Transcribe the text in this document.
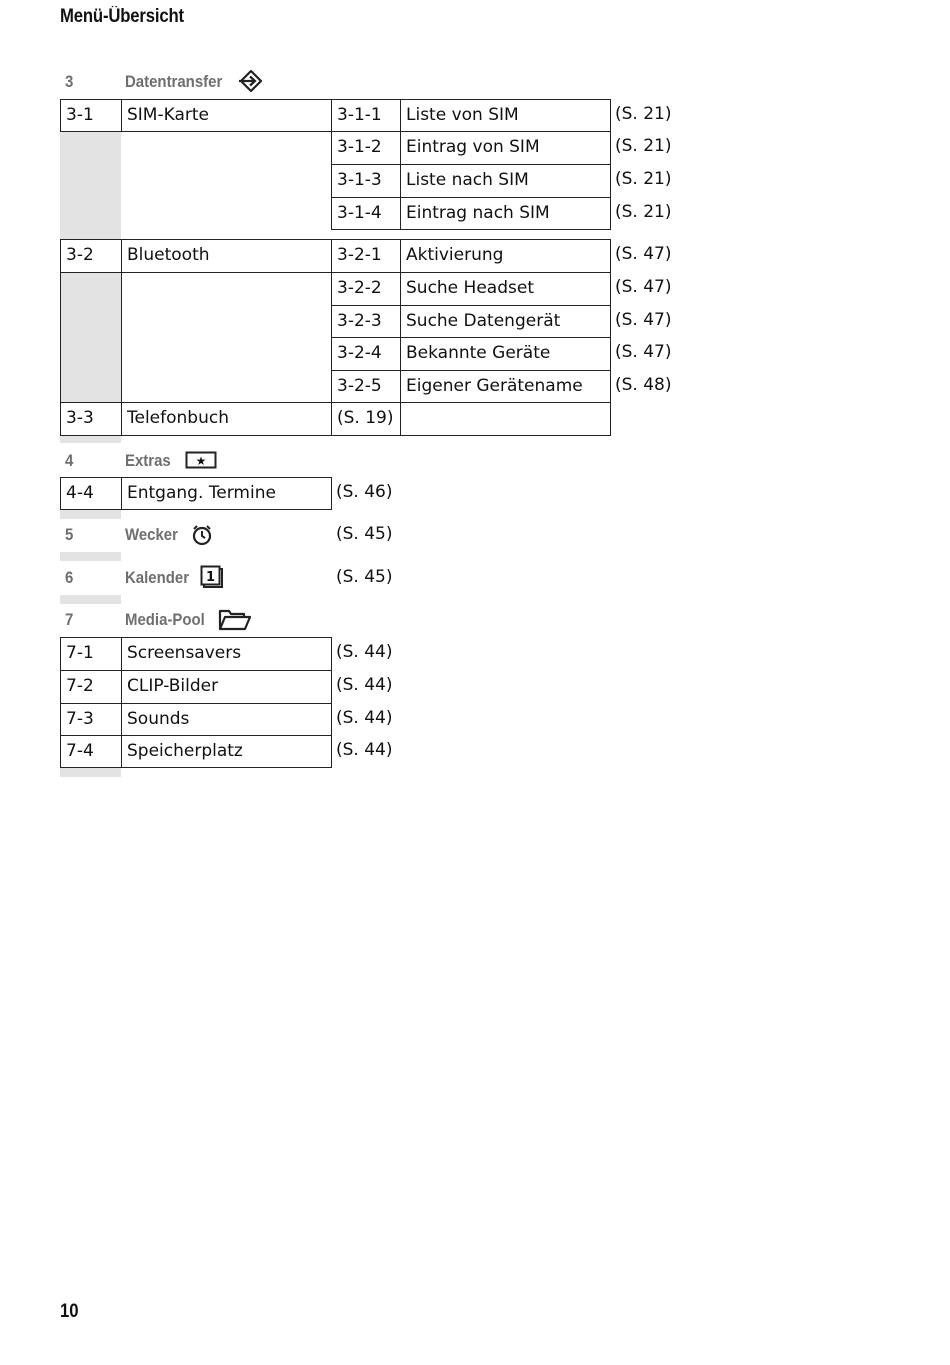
Menü-Übersicht
3	Datentransfer
3-1	SIM-Karte	3-1-1	Liste von SIM	(S. 21)
3-1-2	Eintrag von SIM	(S. 21)
3-1-3	Liste nach SIM	(S. 21)
3-1-4	Eintrag nach SIM	(S. 21)
3-2	Bluetooth	3-2-1	Aktivierung	(S. 47)
3-2-2	Suche Headset	(S. 47)
3-2-3	Suche Datengerät	(S. 47)
3-2-4	Bekannte Geräte	(S. 47)
3-2-5	Eigener Gerätename	(S. 48)
3-3	Telefonbuch	(S. 19)
4	Extras ★
4-4	Entgang. Termine	(S. 46)
5	Wecker	(S. 45)
6	Kalender 1	(S. 45)
7	Media-Pool
7-1	Screensavers	(S. 44)
7-2	CLIP-Bilder	(S. 44)
7-3	Sounds	(S. 44)
7-4	Speicherplatz	(S. 44)
10
